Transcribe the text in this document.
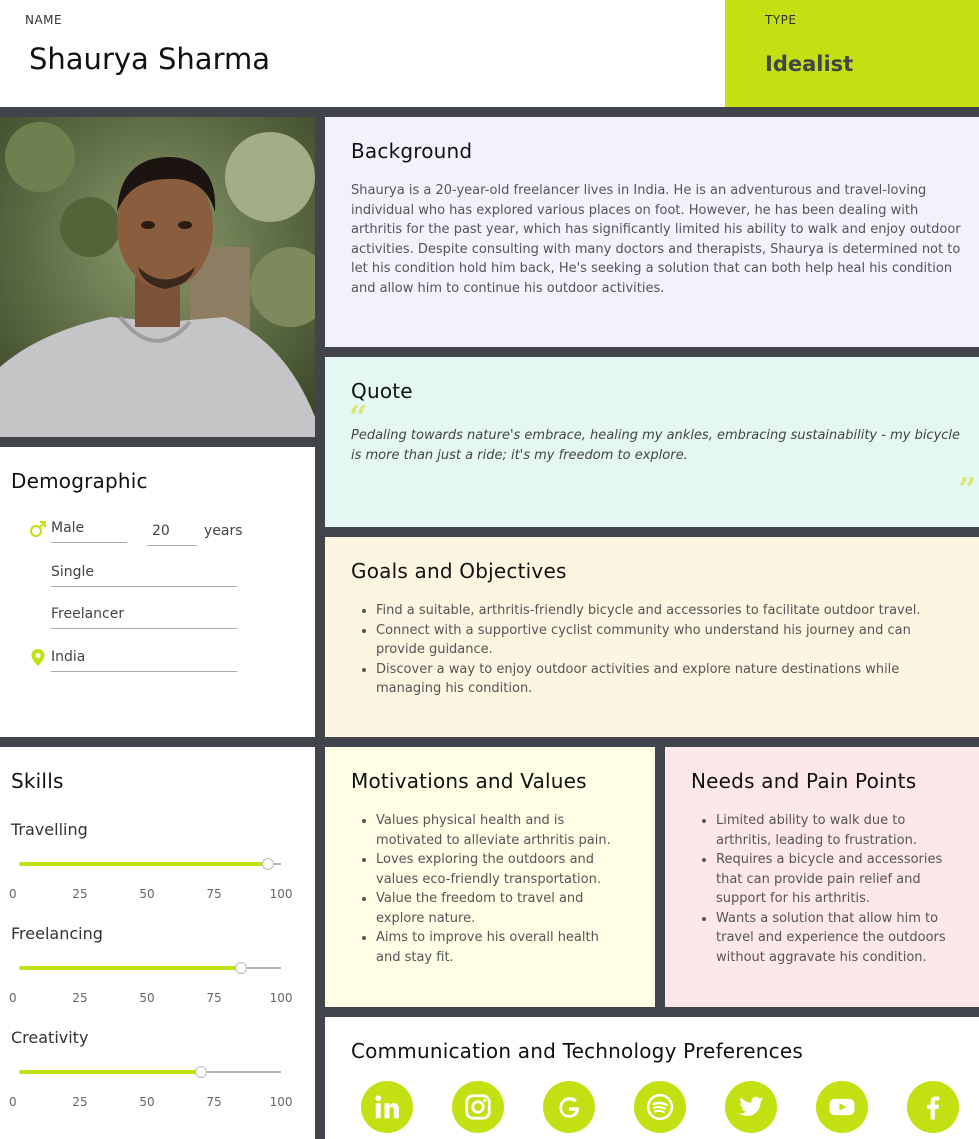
NAME
Shaurya Sharma
TYPE
Idealist
Demographic
Male	20	years
Single
Freelancer
India
Skills
Travelling
0	25	50	75	100
Freelancing
0	25	50	75	100
Creativity
0	25	50	75	100
Background
Shaurya is a 20-year-old freelancer lives in India. He is an adventurous and travel-loving individual who has explored various places on foot. However, he has been dealing with arthritis for the past year, which has significantly limited his ability to walk and enjoy outdoor activities. Despite consulting with many doctors and therapists, Shaurya is determined not to let his condition hold him back, He's seeking a solution that can both help heal his condition and allow him to continue his outdoor activities.
Quote
“
Pedaling towards nature's embrace, healing my ankles, embracing sustainability - my bicycle is more than just a ride; it's my freedom to explore.
”
Goals and Objectives
• Find a suitable, arthritis-friendly bicycle and accessories to facilitate outdoor travel.
• Connect with a supportive cyclist community who understand his journey and can provide guidance.
• Discover a way to enjoy outdoor activities and explore nature destinations while managing his condition.
Motivations and Values
• Values physical health and is motivated to alleviate arthritis pain.
• Loves exploring the outdoors and values eco-friendly transportation.
• Value the freedom to travel and explore nature.
• Aims to improve his overall health and stay fit.
Needs and Pain Points
• Limited ability to walk due to arthritis, leading to frustration.
• Requires a bicycle and accessories that can provide pain relief and support for his arthritis.
• Wants a solution that allow him to travel and experience the outdoors without aggravate his condition.
Communication and Technology Preferences
